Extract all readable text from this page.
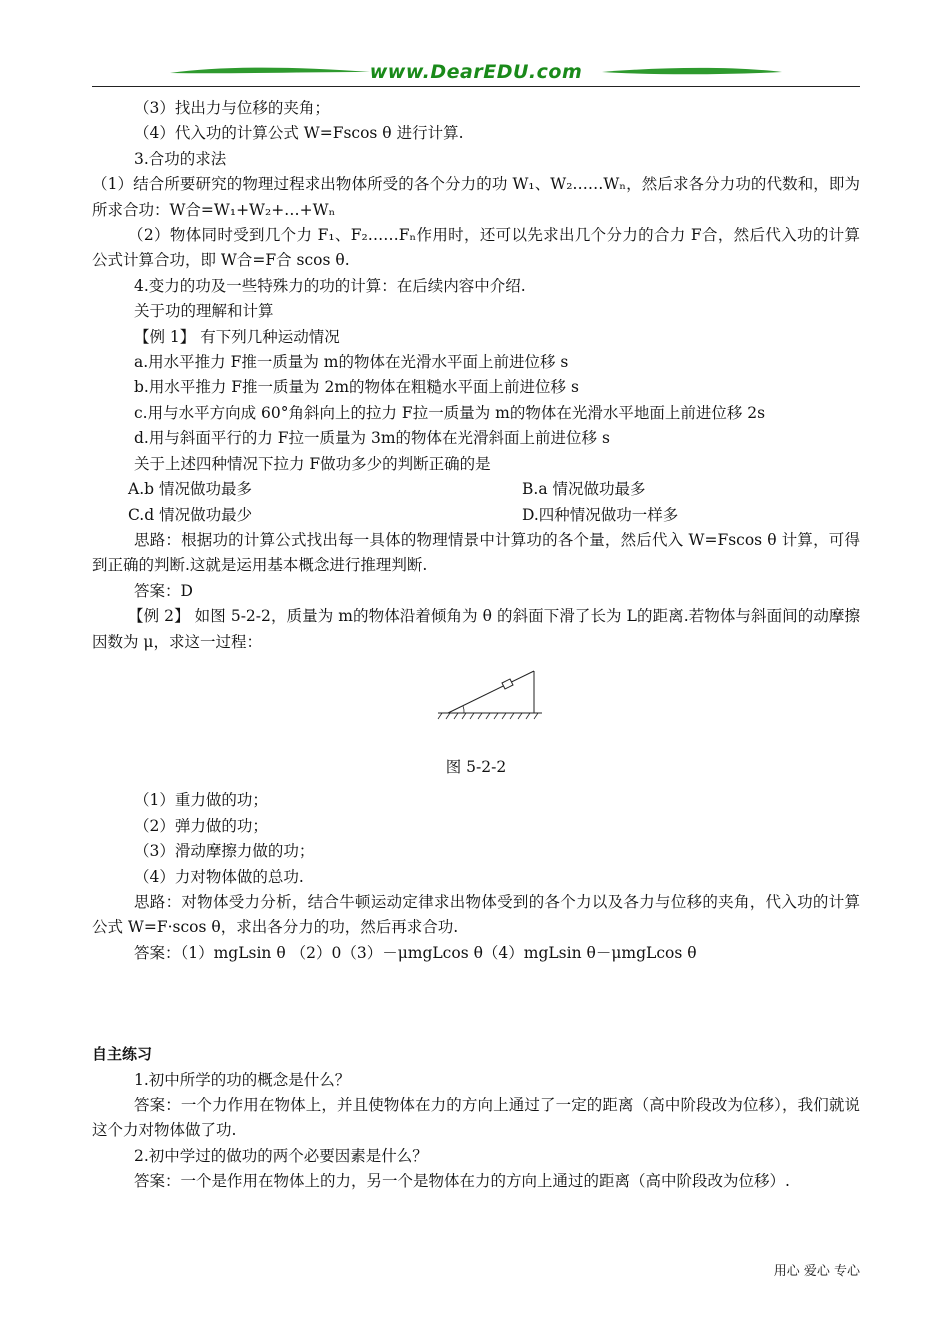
www.DearEDU.com
（3）找出力与位移的夹角；
（4）代入功的计算公式 W=Fscos θ 进行计算.
3.合功的求法
（1）结合所要研究的物理过程求出物体所受的各个分力的功 W₁、W₂……Wₙ，然后求各分力功的代数和，即为所求合功：W合=W₁+W₂+…+Wₙ
（2）物体同时受到几个力 F₁、F₂……Fₙ作用时，还可以先求出几个分力的合力 F合，然后代入功的计算公式计算合功，即 W合=F合 scos θ.
4.变力的功及一些特殊力的功的计算：在后续内容中介绍.
关于功的理解和计算
【例 1】 有下列几种运动情况
a.用水平推力 F推一质量为 m的物体在光滑水平面上前进位移 s
b.用水平推力 F推一质量为 2m的物体在粗糙水平面上前进位移 s
c.用与水平方向成 60°角斜向上的拉力 F拉一质量为 m的物体在光滑水平地面上前进位移 2s
d.用与斜面平行的力 F拉一质量为 3m的物体在光滑斜面上前进位移 s
关于上述四种情况下拉力 F做功多少的判断正确的是
A.b 情况做功最多	B.a 情况做功最多
C.d 情况做功最少	D.四种情况做功一样多
思路：根据功的计算公式找出每一具体的物理情景中计算功的各个量，然后代入 W=Fscos θ 计算，可得到正确的判断.这就是运用基本概念进行推理判断.
答案：D
【例 2】 如图 5-2-2，质量为 m的物体沿着倾角为 θ 的斜面下滑了长为 L的距离.若物体与斜面间的动摩擦因数为 μ，求这一过程：
图 5-2-2
（1）重力做的功；
（2）弹力做的功；
（3）滑动摩擦力做的功；
（4）力对物体做的总功.
思路：对物体受力分析，结合牛顿运动定律求出物体受到的各个力以及各力与位移的夹角，代入功的计算公式 W=F·scos θ，求出各分力的功，然后再求合功.
答案：（1）mgLsin θ （2）0（3）－μmgLcos θ（4）mgLsin θ－μmgLcos θ
自主练习
1.初中所学的功的概念是什么？
答案：一个力作用在物体上，并且使物体在力的方向上通过了一定的距离（高中阶段改为位移），我们就说这个力对物体做了功.
2.初中学过的做功的两个必要因素是什么？
答案：一个是作用在物体上的力，另一个是物体在力的方向上通过的距离（高中阶段改为位移）.
用心 爱心 专心
